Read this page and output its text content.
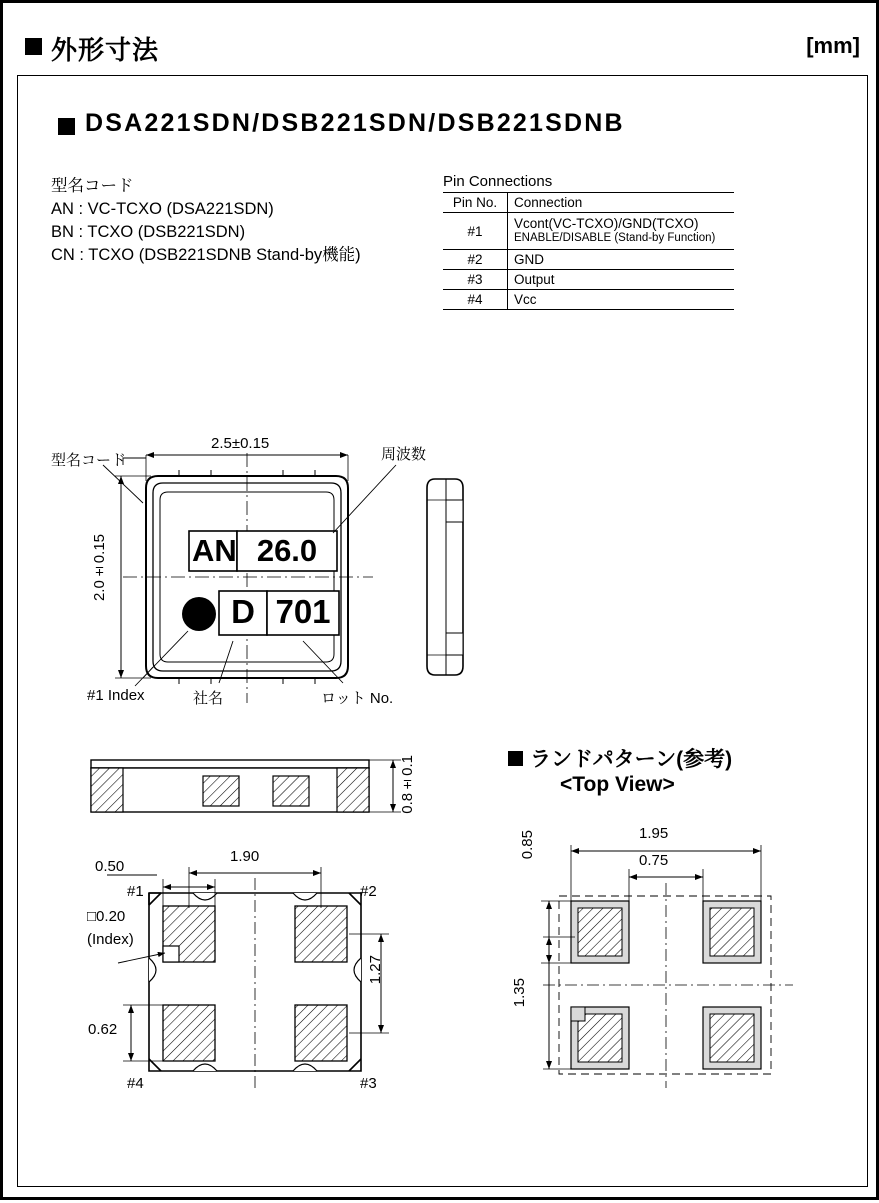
外形寸法	[mm]
DSA221SDN/DSB221SDN/DSB221SDNB
型名コード
AN : VC-TCXO (DSA221SDN)
BN : TCXO (DSB221SDN)
CN : TCXO (DSB221SDNB Stand-by機能)
Pin Connections
Pin No.	Connection
#1	Vcont(VC-TCXO)/GND(TCXO)
ENABLE/DISABLE (Stand-by Function)

#2	GND
#3	Output
#4	Vcc
2.5±0.15
2.0±0.15
型名コード	周波数
#1 Index	社名	ロット No.
AN 26.0
D 701
0.8±0.1
1.90
0.50
0.62
1.27
□0.20
(Index)
#1	#2
#3
#4
ランドパターン(参考)
<Top View>
1.95
0.75
0.85
1.35
